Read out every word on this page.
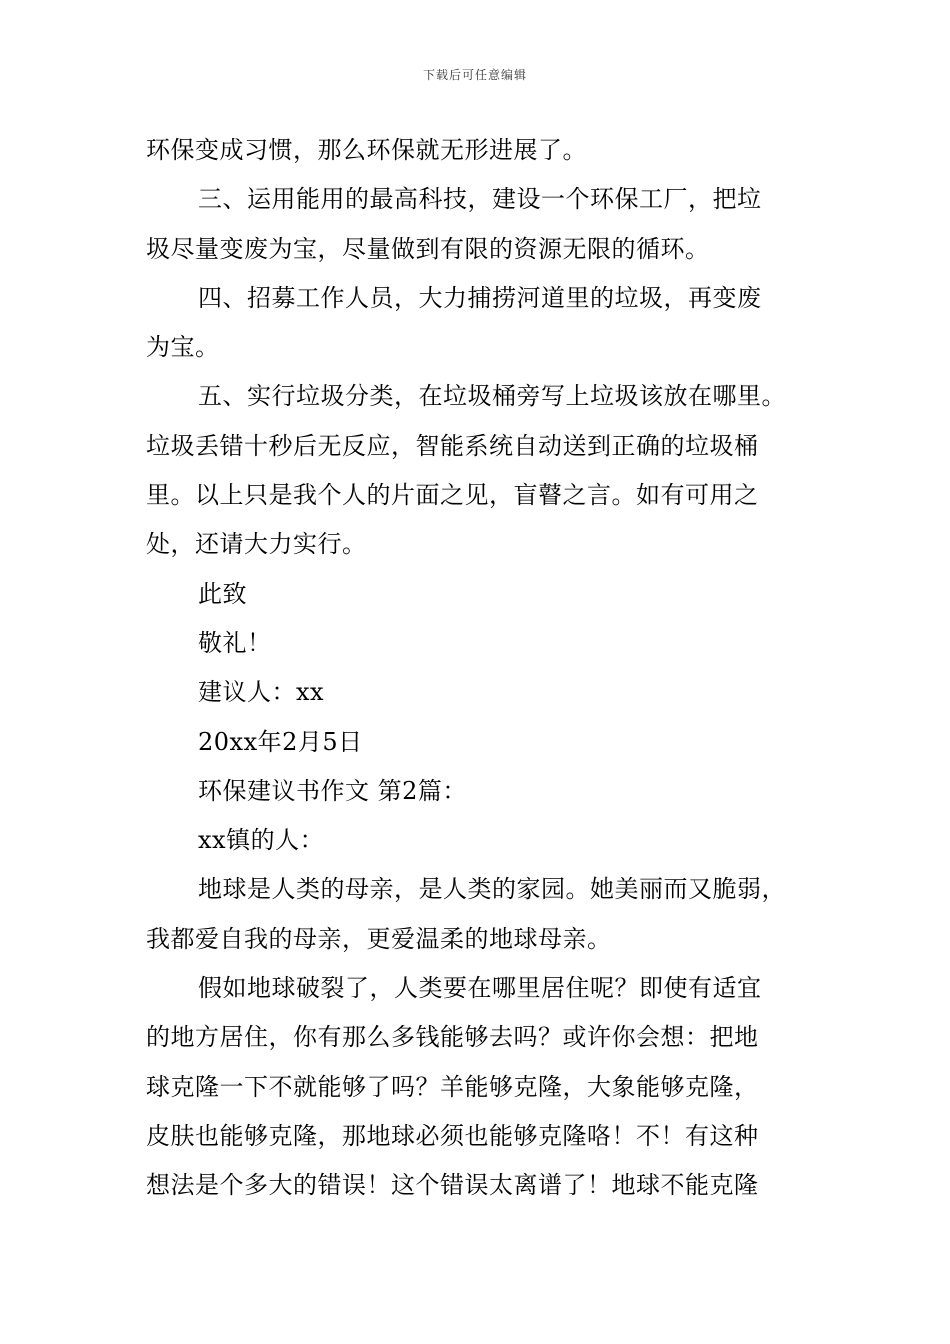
下载后可任意编辑
环保变成习惯，那么环保就无形进展了。
三、运用能用的最高科技，建设一个环保工厂，把垃
圾尽量变废为宝，尽量做到有限的资源无限的循环。
四、招募工作人员，大力捕捞河道里的垃圾，再变废
为宝。
五、实行垃圾分类，在垃圾桶旁写上垃圾该放在哪里。
垃圾丢错十秒后无反应，智能系统自动送到正确的垃圾桶
里。以上只是我个人的片面之见，盲瞽之言。如有可用之
处，还请大力实行。
此致
敬礼！
建议人：xx
20xx年2月5日
环保建议书作文 第2篇：
xx镇的人：
地球是人类的母亲，是人类的家园。她美丽而又脆弱，
我都爱自我的母亲，更爱温柔的地球母亲。
假如地球破裂了，人类要在哪里居住呢？即使有适宜
的地方居住，你有那么多钱能够去吗？或许你会想：把地
球克隆一下不就能够了吗？羊能够克隆，大象能够克隆，
皮肤也能够克隆，那地球必须也能够克隆咯！不！有这种
想法是个多大的错误！这个错误太离谱了！地球不能克隆
